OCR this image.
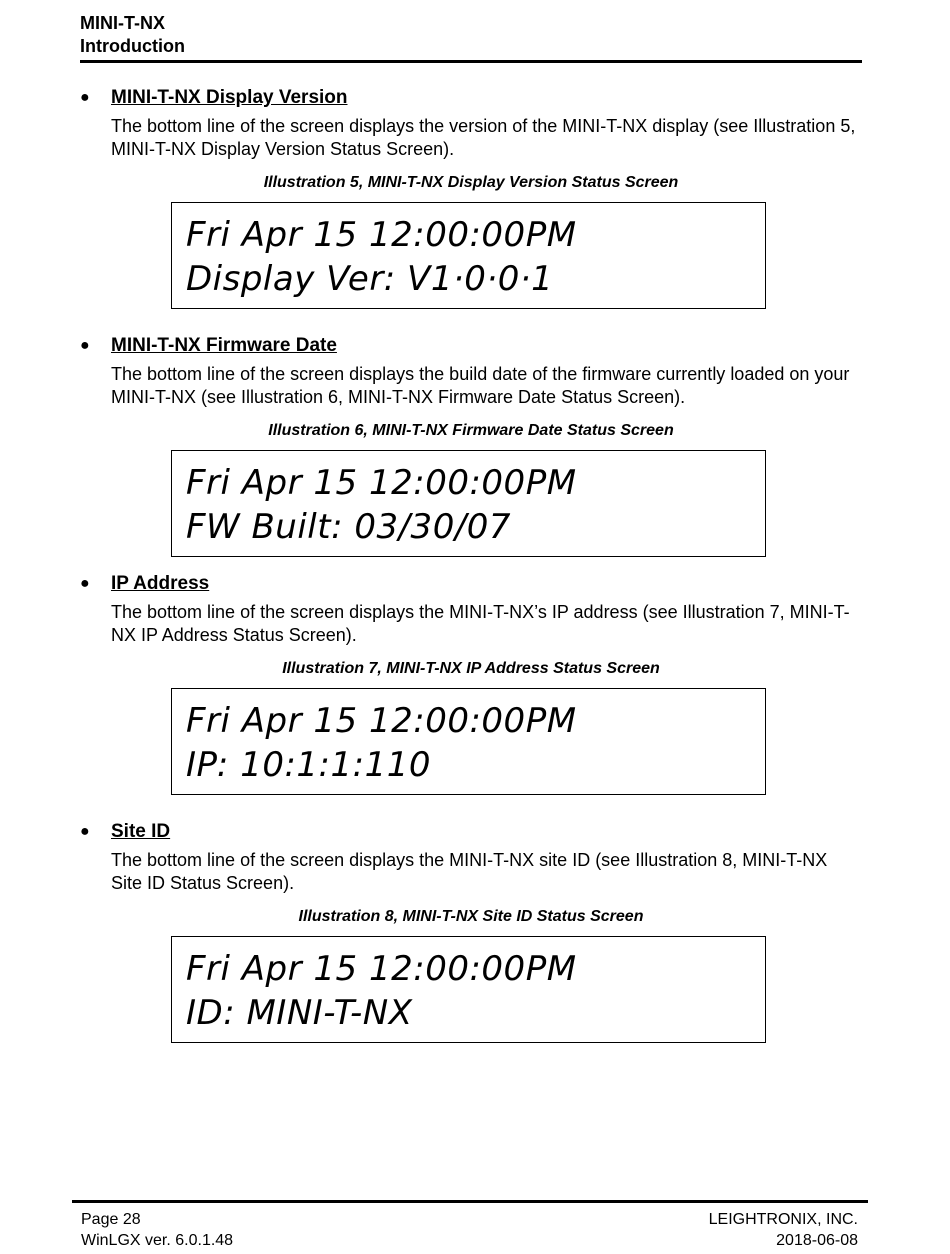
MINI-T-NX
Introduction
● MINI-T-NX Display Version
The bottom line of the screen displays the version of the MINI-T-NX display (see Illustration 5, MINI-T-NX Display Version Status Screen).
Illustration 5, MINI-T-NX Display Version Status Screen
Fri Apr 15 12:00:00PM
Display Ver: V1·0·0·1
● MINI-T-NX Firmware Date
The bottom line of the screen displays the build date of the firmware currently loaded on your MINI-T-NX (see Illustration 6, MINI-T-NX Firmware Date Status Screen).
Illustration 6, MINI-T-NX Firmware Date Status Screen
Fri Apr 15 12:00:00PM
FW Built: 03/30/07
● IP Address
The bottom line of the screen displays the MINI-T-NX’s IP address (see Illustration 7, MINI-T-NX IP Address Status Screen).
Illustration 7, MINI-T-NX IP Address Status Screen
Fri Apr 15 12:00:00PM
IP: 10:1:1:110
● Site ID
The bottom line of the screen displays the MINI-T-NX site ID (see Illustration 8, MINI-T-NX Site ID Status Screen).
Illustration 8, MINI-T-NX Site ID Status Screen
Fri Apr 15 12:00:00PM
ID: MINI-T-NX
Page 28
WinLGX ver. 6.0.1.48
LEIGHTRONIX, INC.
2018-06-08
